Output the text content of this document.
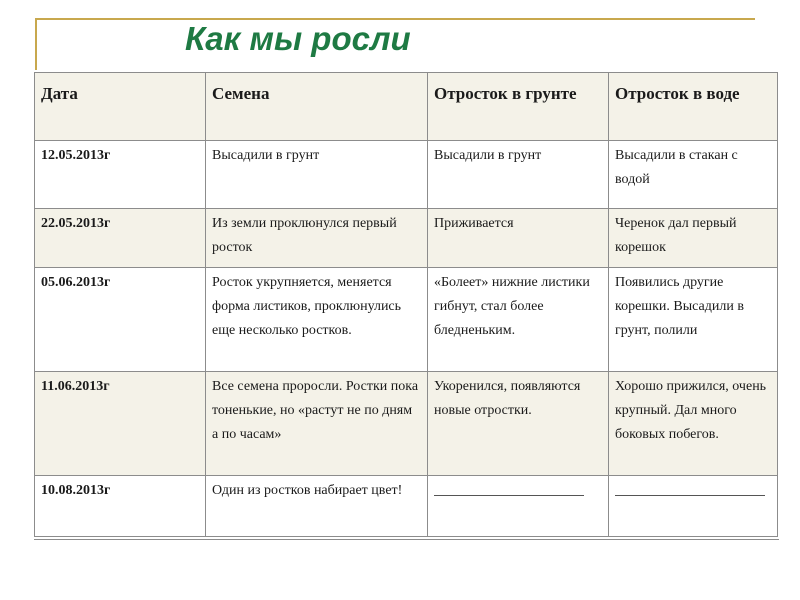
Как мы росли
Дата	Семена	Отросток в грунте	Отросток в воде
12.05.2013г	Высадили в грунт	Высадили в грунт	Высадили в стакан с водой
22.05.2013г	Из земли проклюнулся первый росток	Приживается	Черенок дал первый корешок
05.06.2013г	Росток укрупняется, меняется форма листиков, проклюнулись еще несколько ростков.	«Болеет» нижние листики гибнут, стал более бледненьким.	Появились другие корешки. Высадили в грунт, полили
11.06.2013г	Все семена проросли. Ростки пока тоненькие, но «растут не по дням а по часам»	Укоренился, появляются новые отростки.	Хорошо прижился, очень крупный. Дал много боковых побегов.
10.08.2013г	Один из ростков набирает цвет!		
